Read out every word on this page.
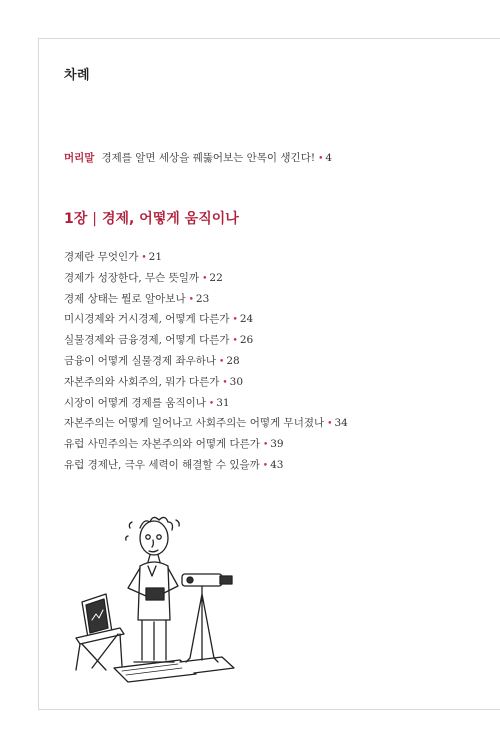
차례
머리말 경제를 알면 세상을 꿰뚫어보는 안목이 생긴다! • 4
1장 | 경제, 어떻게 움직이나
경제란 무엇인가 • 21
경제가 성장한다, 무슨 뜻일까 • 22
경제 상태는 뭘로 알아보나 • 23
미시경제와 거시경제, 어떻게 다른가 • 24
실물경제와 금융경제, 어떻게 다른가 • 26
금융이 어떻게 실물경제 좌우하나 • 28
자본주의와 사회주의, 뭐가 다른가 • 30
시장이 어떻게 경제를 움직이나 • 31
자본주의는 어떻게 일어나고 사회주의는 어떻게 무너졌나 • 34
유럽 사민주의는 자본주의와 어떻게 다른가 • 39
유럽 경제난, 극우 세력이 해결할 수 있을까 • 43
